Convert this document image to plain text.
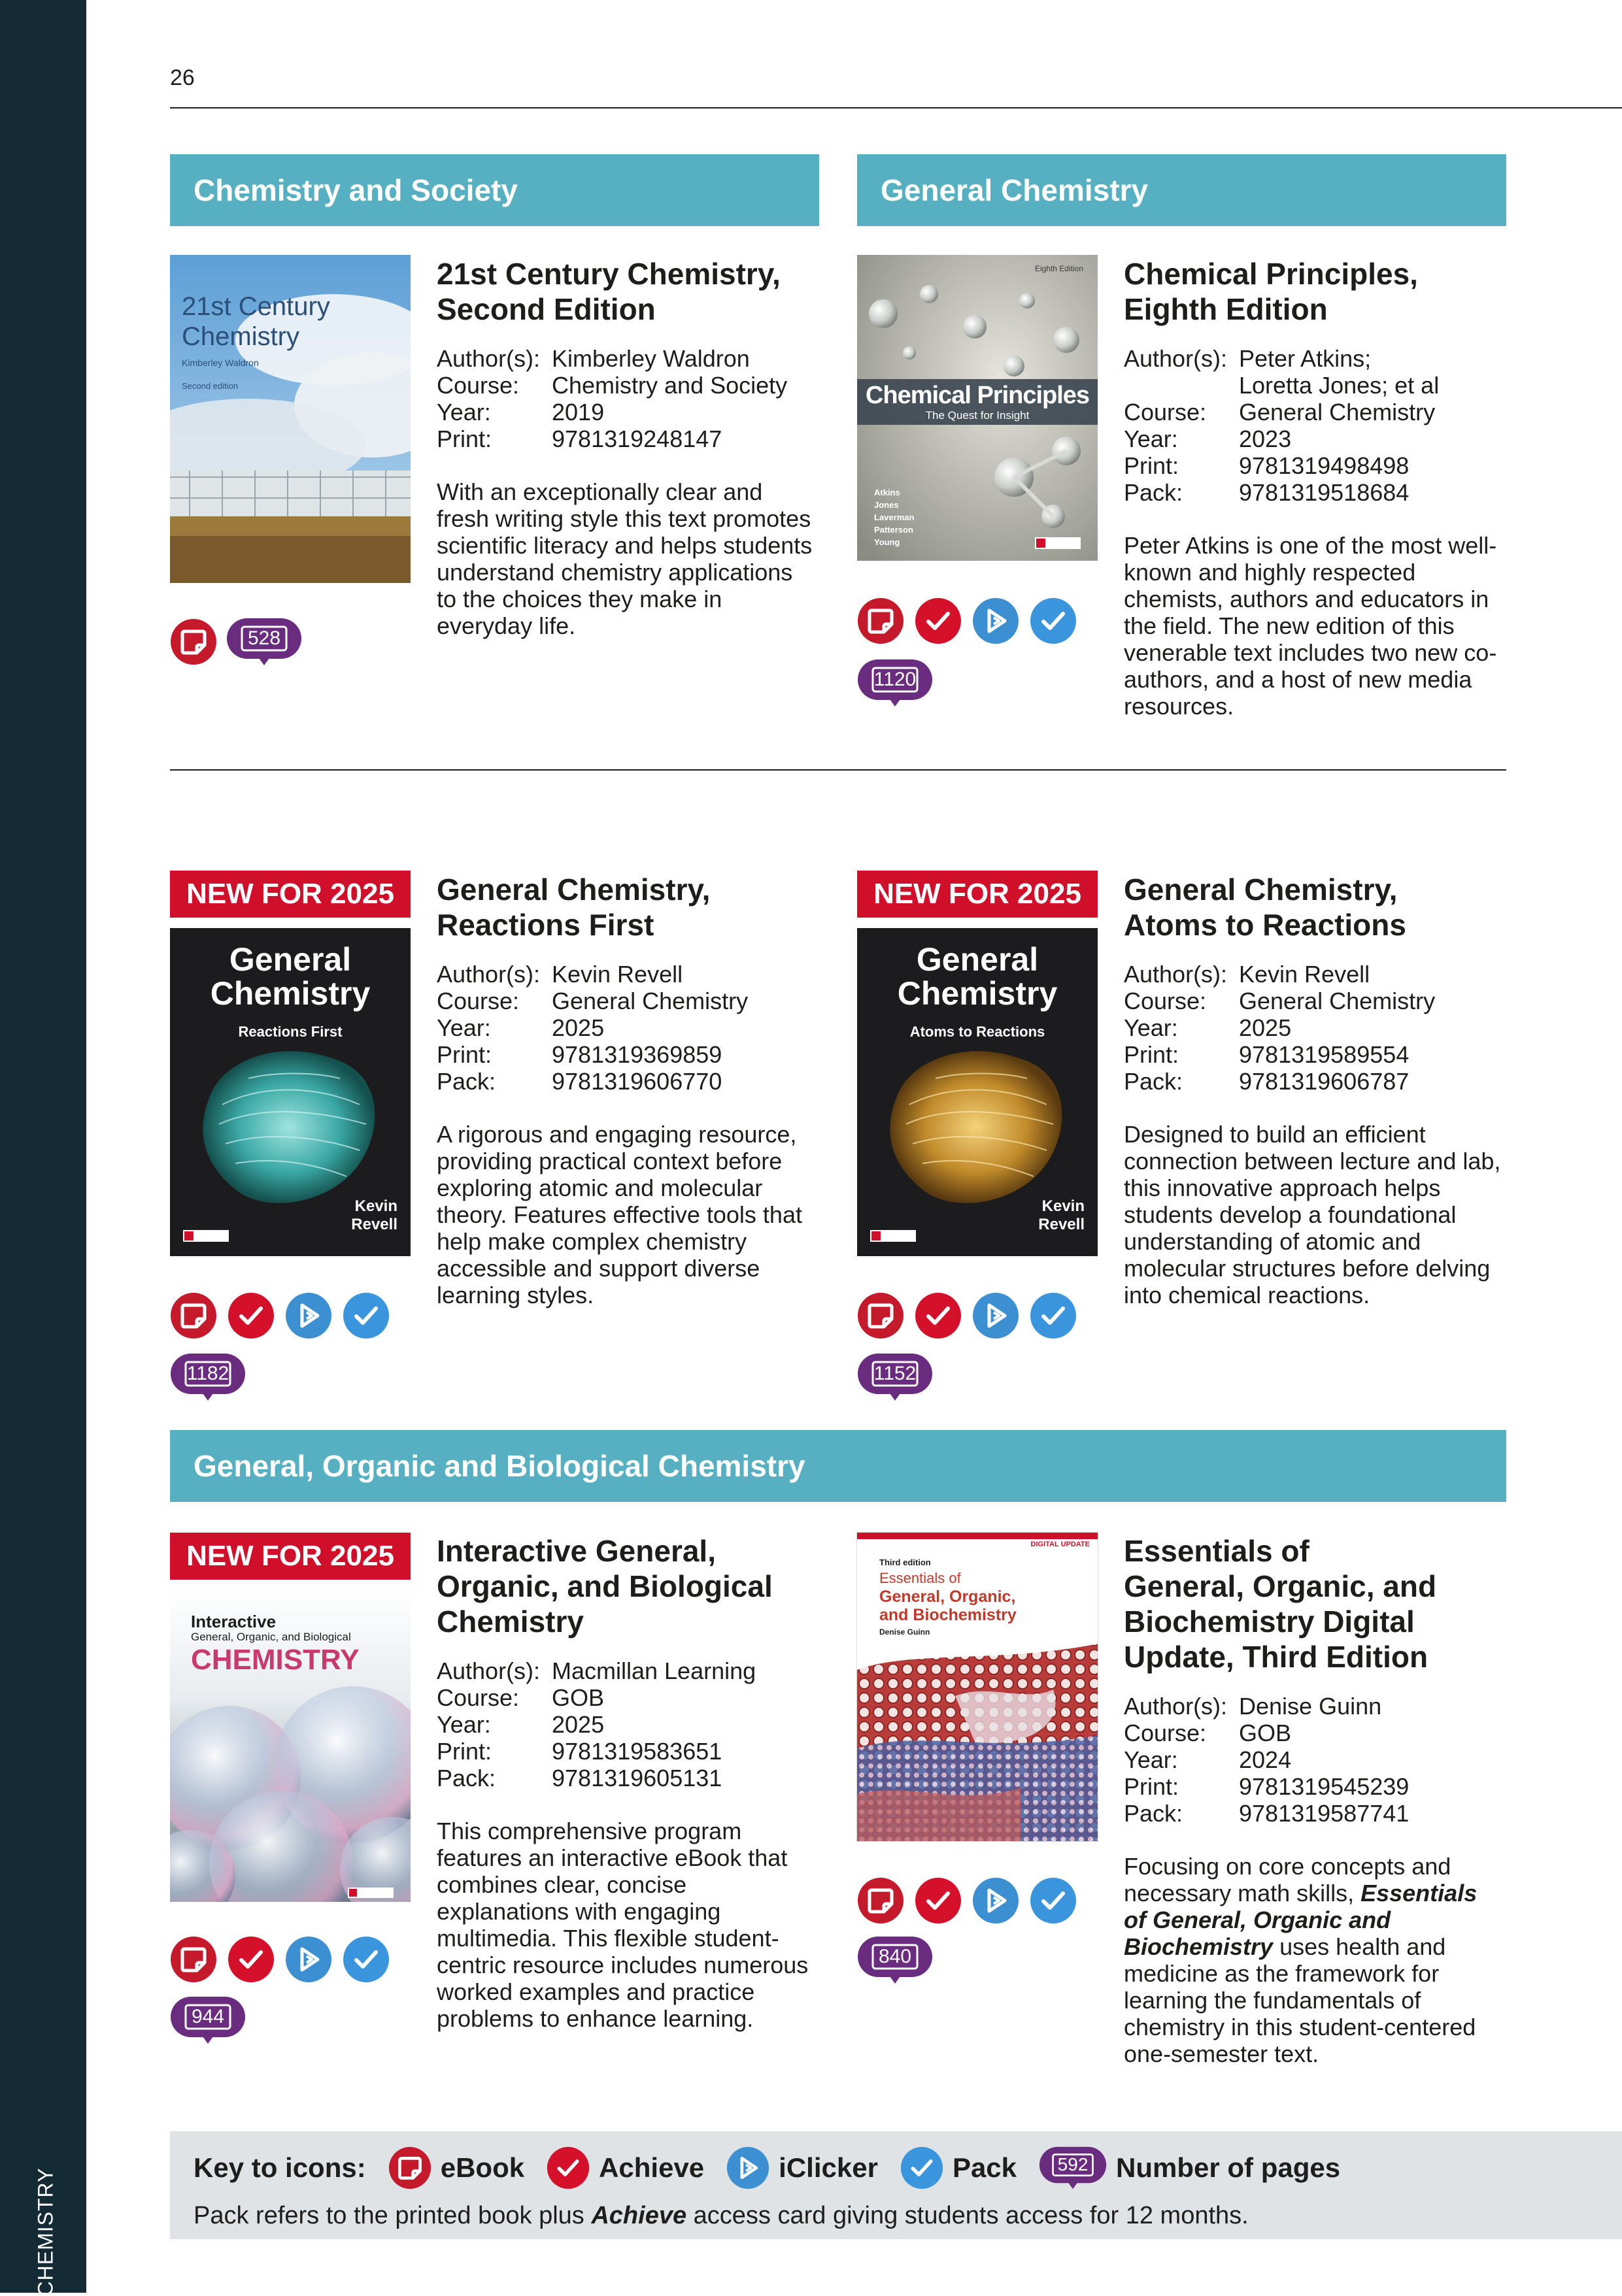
CHEMISTRY
26
Chemistry and Society	General Chemistry
General, Organic and Biological Chemistry
21st Century
Chemistry
Kimberley Waldron
Second edition
528
21st Century Chemistry,
Second Edition
Author(s): Kimberley Waldron
Course:	Chemistry and Society
Year:	2019
Print:	9781319248147
With an exceptionally clear and fresh writing style this text promotes scientific literacy and helps students understand chemistry applications to the choices they make in everyday life.
Eighth Edition
Chemical Principles
The Quest for Insight
Atkins
Jones
Laverman
Patterson
Young
1120
Chemical Principles,
Eighth Edition
Author(s): Peter Atkins;
Loretta Jones; et al
Course:	General Chemistry
Year:	2023
Print:	9781319498498
Pack:	9781319518684
Peter Atkins is one of the most well-known and highly respected chemists, authors and educators in the field. The new edition of this venerable text includes two new co-authors, and a host of new media resources.
NEW FOR 2025
General
Chemistry
Reactions First
Kevin
Revell
1182
General Chemistry,
Reactions First
Author(s): Kevin Revell
Course:	General Chemistry
Year:	2025
Print:	9781319369859
Pack:	9781319606770
A rigorous and engaging resource, providing practical context before exploring atomic and molecular theory. Features effective tools that help make complex chemistry accessible and support diverse learning styles.
NEW FOR 2025
General
Chemistry
Atoms to Reactions
Kevin
Revell
1152
General Chemistry,
Atoms to Reactions
Author(s): Kevin Revell
Course:	General Chemistry
Year:	2025
Print:	9781319589554
Pack:	9781319606787
Designed to build an efficient connection between lecture and lab, this innovative approach helps students develop a foundational understanding of atomic and molecular structures before delving into chemical reactions.
NEW FOR 2025
Interactive
General, Organic, and Biological
CHEMISTRY
944
Interactive General,
Organic, and Biological
Chemistry
Author(s): Macmillan Learning
Course:	GOB
Year:	2025
Print:	9781319583651
Pack:	9781319605131
This comprehensive program features an interactive eBook that combines clear, concise explanations with engaging multimedia. This flexible student-centric resource includes numerous worked examples and practice problems to enhance learning.
DIGITAL UPDATE
Third edition
Essentials of
General, Organic,
and Biochemistry
Denise Guinn
840
Essentials of
General, Organic, and
Biochemistry Digital
Update, Third Edition
Author(s): Denise Guinn
Course:	GOB
Year:	2024
Print:	9781319545239
Pack:	9781319587741
Focusing on core concepts and necessary math skills, Essentials of General, Organic and Biochemistry uses health and medicine as the framework for learning the fundamentals of chemistry in this student-centered one-semester text.
Key to icons:	eBook	Achieve	iClicker	Pack	592	Number of pages
Pack refers to the printed book plus Achieve access card giving students access for 12 months.
